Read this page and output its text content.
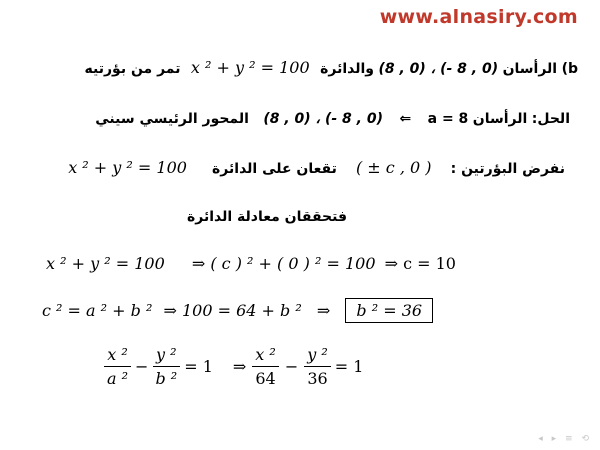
www.alnasiry.com
b) الرأسان (8 , 0) ، (- 8 , 0) والدائرة x ² + y ² = 100 تمر من بؤرتيه
الحل: الرأسان (8 , 0) ، (- 8 , 0) ⇐ a = 8 المحور الرئيسي سيني
نفرض البؤرتين : ( ± c , 0 ) تقعان على الدائرة x ² + y ² = 100
فتحققان معادلة الدائرة
x ² + y ² = 100 ⇒ ( c ) ² + ( 0 ) ² = 100 ⇒ c = 10
c ² = a ² + b ² ⇒ 100 = 64 + b ² ⇒ b ² = 36
$\frac{\text{x ²}}{\text{a ²}} - \frac{\text{y ²}}{\text{b ²}} = 1$ ⇒ $\frac{\text{x ²}}{64} - \frac{\text{y ²}}{36} = 1$
◂ ▸ ≡ ⟲
